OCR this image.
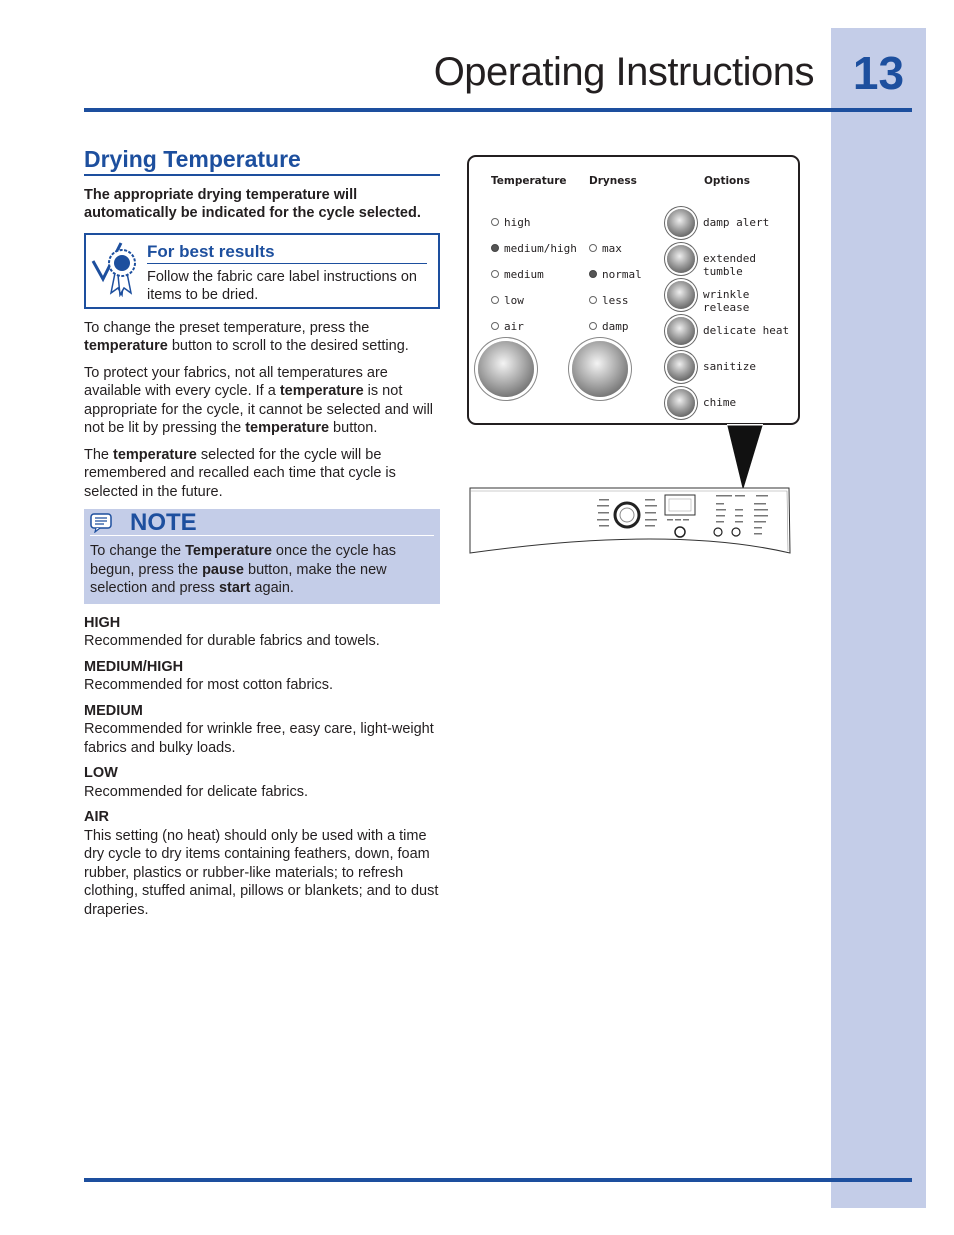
13
Operating Instructions
Drying Temperature

The appropriate drying temperature will automatically be indicated for the cycle selected.

For best results
Follow the fabric care label instructions on items to be dried.

To change the preset temperature, press the temperature button to scroll to the desired setting.

To protect your fabrics, not all temperatures are available with every cycle. If a temperature is not appropriate for the cycle, it cannot be selected and will not be lit by pressing the temperature button.

The temperature selected for the cycle will be remembered and recalled each time that cycle is selected in the future.

NOTE
To change the Temperature once the cycle has begun, press the pause button, make the new selection and press start again.
HIGH
Recommended for durable fabrics and towels.
MEDIUM/HIGH
Recommended for most cotton fabrics.
MEDIUM
Recommended for wrinkle free, easy care, light-weight fabrics and bulky loads.
LOW
Recommended for delicate fabrics.
AIR
This setting (no heat) should only be used with a time dry cycle to dry items containing feathers, down, foam rubber, plastics or rubber-like materials; to refresh clothing, stuffed animal, pillows or blankets; and to dust draperies.
Temperature Dryness	Options
high
medium/high
medium
low
air
max
normal
less
damp
damp alert
extended tumble
wrinkle release
delicate heat
sanitize
chime
